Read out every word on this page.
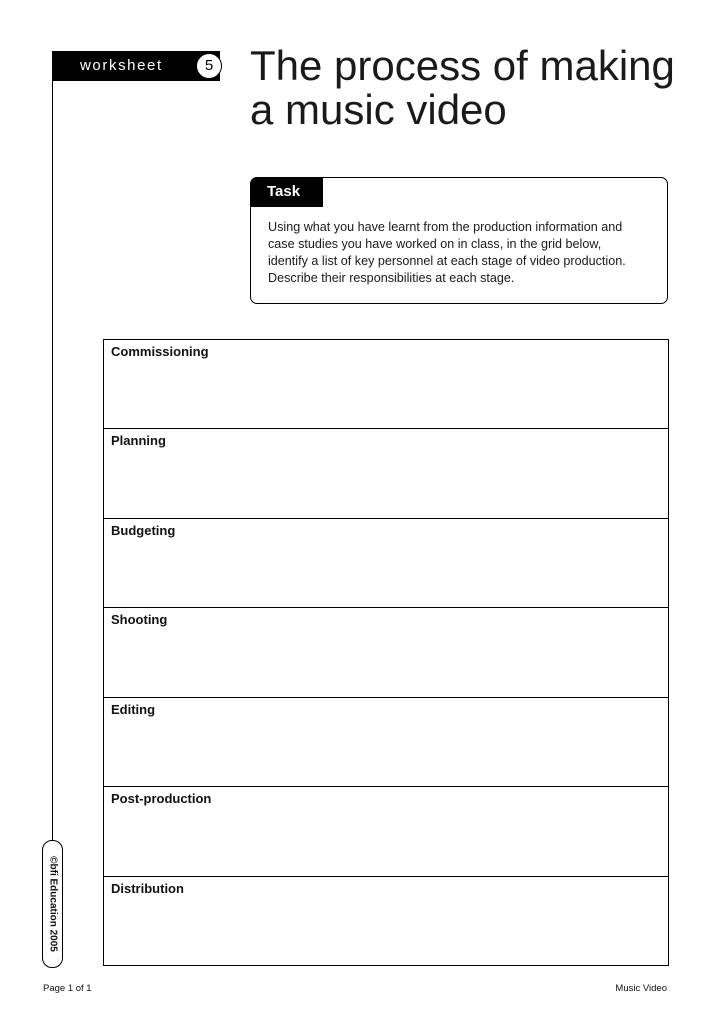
worksheet	5 The process of making a music video
Task

Using what you have learnt from the production information and case studies you have worked on in class, in the grid below, identify a list of key personnel at each stage of video production. Describe their responsibilities at each stage.

Commissioning
Planning
Budgeting
Shooting
Editing
Post-production
Distribution
©bfi Education 2005
Page 1 of 1	Music Video
